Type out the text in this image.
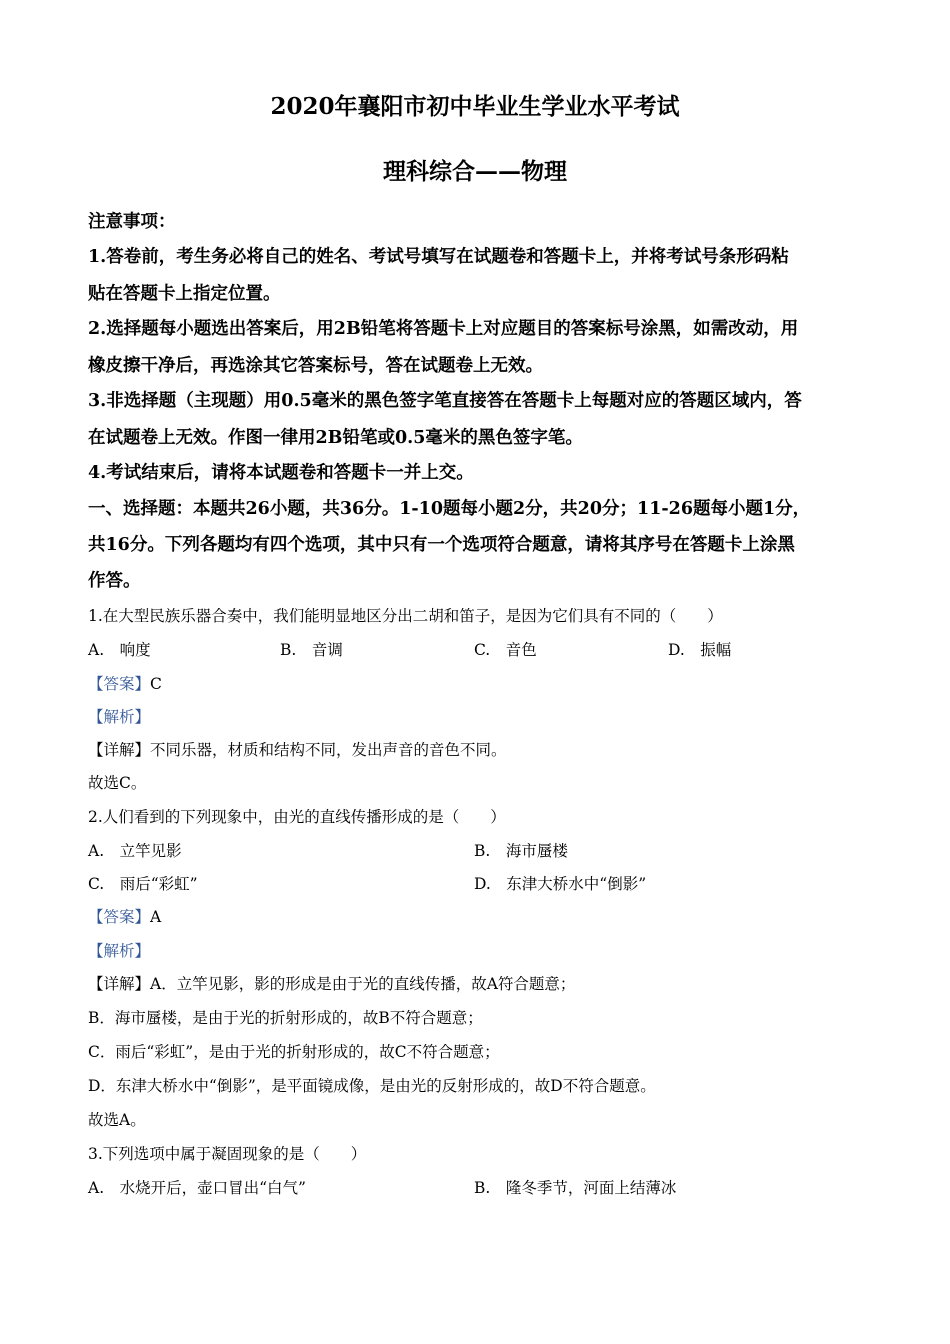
2020年襄阳市初中毕业生学业水平考试
理科综合——物理
注意事项：
1.答卷前，考生务必将自己的姓名、考试号填写在试题卷和答题卡上，并将考试号条形码粘
贴在答题卡上指定位置。
2.选择题每小题选出答案后，用2B铅笔将答题卡上对应题目的答案标号涂黑，如需改动，用
橡皮擦干净后，再选涂其它答案标号，答在试题卷上无效。
3.非选择题（主现题）用0.5毫米的黑色签字笔直接答在答题卡上每题对应的答题区域内，答
在试题卷上无效。作图一律用2B铅笔或0.5毫米的黑色签字笔。
4.考试结束后，请将本试题卷和答题卡一并上交。
一、选择题：本题共26小题，共36分。1-10题每小题2分，共20分；11-26题每小题1分，
共16分。下列各题均有四个选项，其中只有一个选项符合题意，请将其序号在答题卡上涂黑
作答。
1.在大型民族乐器合奏中，我们能明显地区分出二胡和笛子，是因为它们具有不同的（　　）
A.　响度	B.　音调	C.　音色	D.　振幅
【答案】C
【解析】
【详解】不同乐器，材质和结构不同，发出声音的音色不同。
故选C。
2.人们看到的下列现象中，由光的直线传播形成的是（　　）
A.　立竿见影	B.　海市蜃楼
C.　雨后“彩虹”	D.　东津大桥水中“倒影”
【答案】A
【解析】
【详解】A．立竿见影，影的形成是由于光的直线传播，故A符合题意；
B．海市蜃楼，是由于光的折射形成的，故B不符合题意；
C．雨后“彩虹”，是由于光的折射形成的，故C不符合题意；
D．东津大桥水中“倒影”，是平面镜成像，是由光的反射形成的，故D不符合题意。
故选A。
3.下列选项中属于凝固现象的是（　　）
A.　水烧开后，壶口冒出“白气”	B.　隆冬季节，河面上结薄冰
